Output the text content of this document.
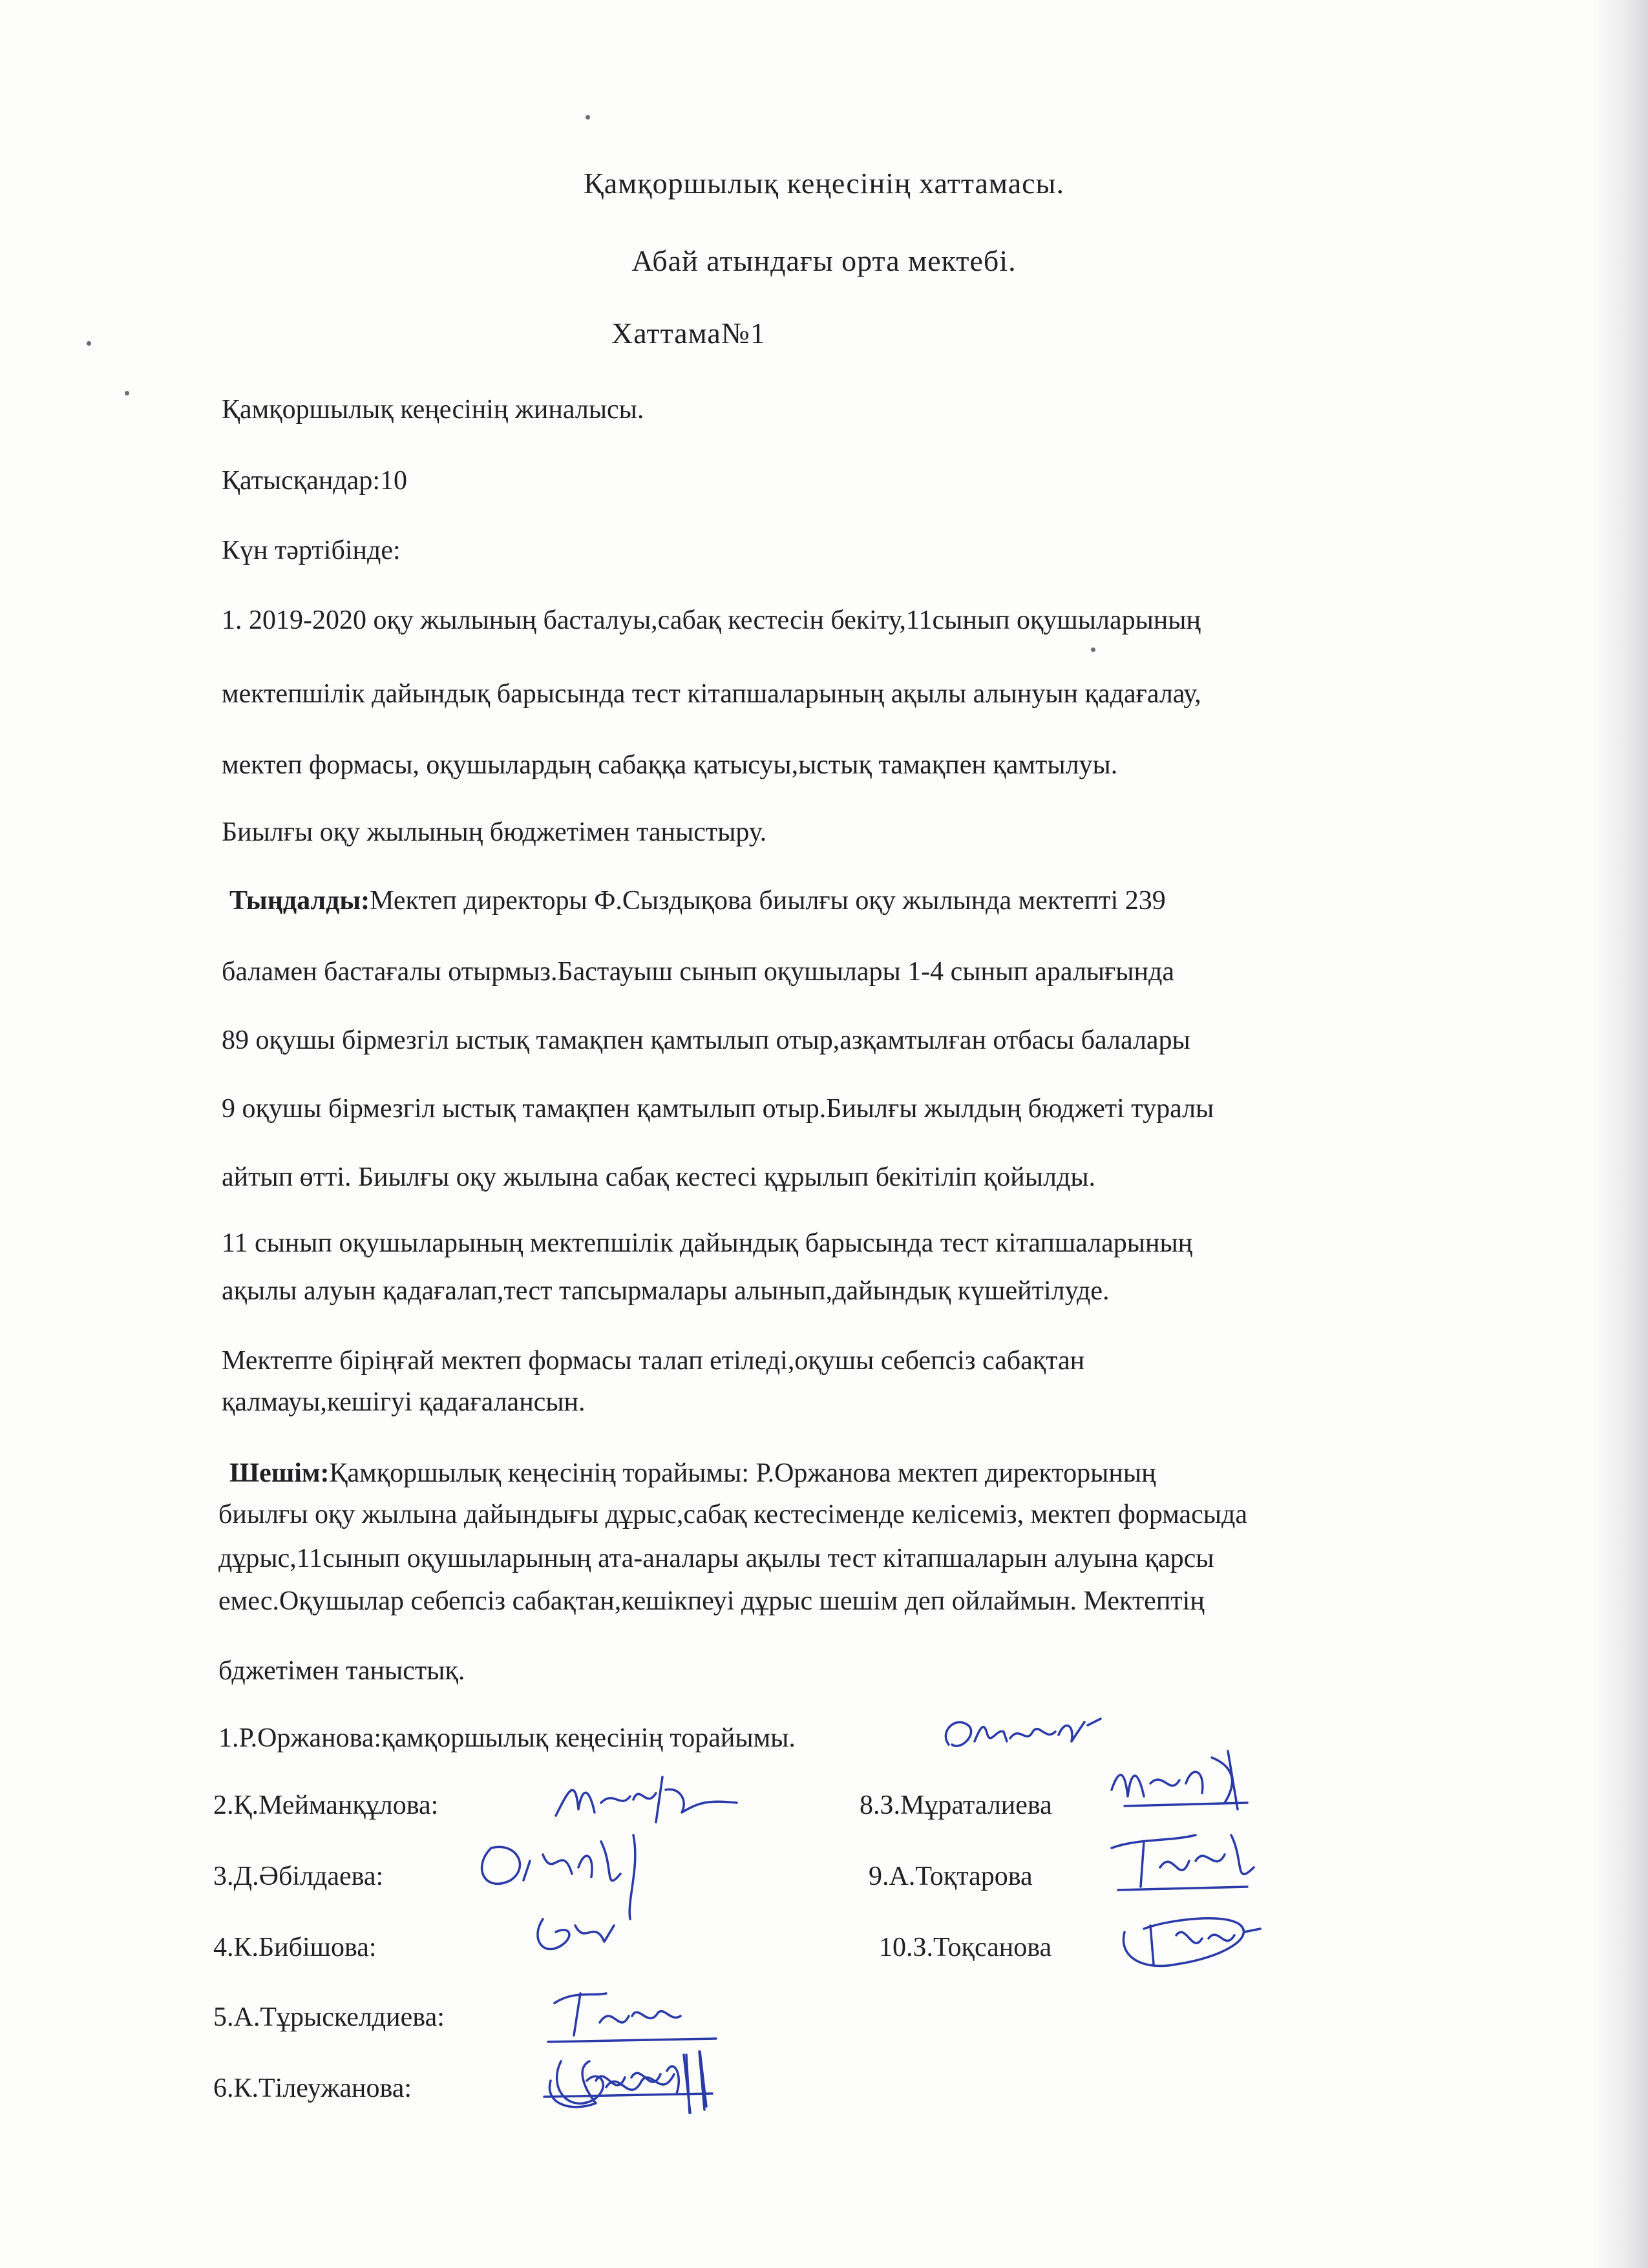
Қамқоршылық кеңесінің хаттамасы.

Абай атындағы орта мектебі.

Хаттама№1

Қамқоршылық кеңесінің жиналысы.

Қатысқандар:10

Күн тәртібінде:

1. 2019-2020 оқу жылының басталуы,сабақ кестесін бекіту,11сынып оқушыларының

мектепшілік дайындық барысында тест кітапшаларының ақылы алынуын қадағалау,

мектеп формасы, оқушылардың сабаққа қатысуы,ыстық тамақпен қамтылуы.

Биылғы оқу жылының бюджетімен таныстыру.

Тыңдалды:Мектеп директоры Ф.Сыздықова биылғы оқу жылында мектепті 239

баламен бастағалы отырмыз.Бастауыш сынып оқушылары 1-4 сынып аралығында

89 оқушы бірмезгіл ыстық тамақпен қамтылып отыр,азқамтылған отбасы балалары

9 оқушы бірмезгіл ыстық тамақпен қамтылып отыр.Биылғы жылдың бюджеті туралы

айтып өтті. Биылғы оқу жылына сабақ кестесі құрылып бекітіліп қойылды.

11 сынып оқушыларының мектепшілік дайындық барысында тест кітапшаларының

ақылы алуын қадағалап,тест тапсырмалары алынып,дайындық күшейтілуде.

Мектепте біріңғай мектеп формасы талап етіледі,оқушы себепсіз сабақтан

қалмауы,кешігуі қадағалансын.

Шешім:Қамқоршылық кеңесінің торайымы: Р.Оржанова мектеп директорының

биылғы оқу жылына дайындығы дұрыс,сабақ кестесіменде келісеміз, мектеп формасыда

дұрыс,11сынып оқушыларының ата-аналары ақылы тест кітапшаларын алуына қарсы

емес.Оқушылар себепсіз сабақтан,кешікпеуі дұрыс шешім деп ойлаймын. Мектептің

бджетімен таныстық.

1.Р.Оржанова:қамқоршылық кеңесінің торайымы.

2.Қ.Мейманқұлова:

3.Д.Әбілдаева:

4.К.Бибішова:

5.А.Тұрыскелдиева:

6.К.Тілеужанова:

8.З.Мұраталиева

9.А.Тоқтарова

10.З.Тоқсанова
